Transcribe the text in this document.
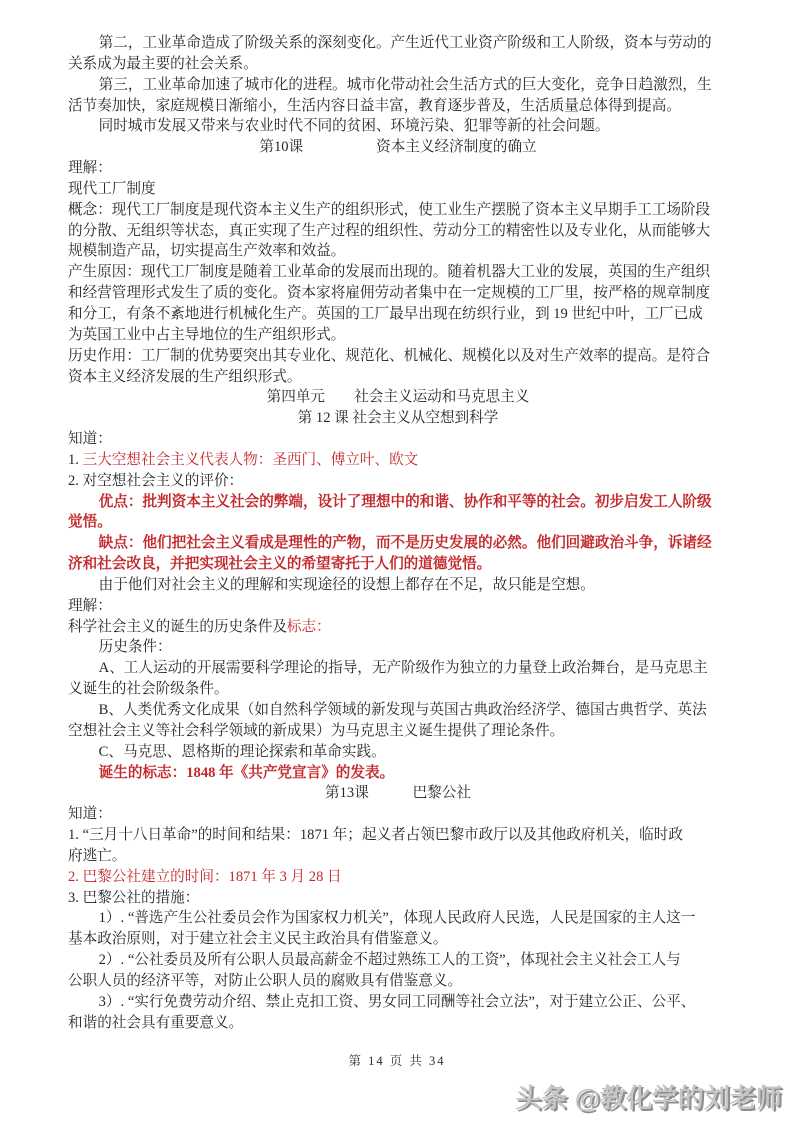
第二，工业革命造成了阶级关系的深刻变化。产生近代工业资产阶级和工人阶级，资本与劳动的
关系成为最主要的社会关系。
第三，工业革命加速了城市化的进程。城市化带动社会生活方式的巨大变化，竞争日趋激烈，生
活节奏加快，家庭规模日渐缩小，生活内容日益丰富，教育逐步普及，生活质量总体得到提高。
同时城市发展又带来与农业时代不同的贫困、环境污染、犯罪等新的社会问题。
第10课　　　　　资本主义经济制度的确立
理解：
现代工厂制度
概念：现代工厂制度是现代资本主义生产的组织形式，使工业生产摆脱了资本主义早期手工工场阶段
的分散、无组织等状态，真正实现了生产过程的组织性、劳动分工的精密性以及专业化，从而能够大
规模制造产品，切实提高生产效率和效益。
产生原因：现代工厂制度是随着工业革命的发展而出现的。随着机器大工业的发展，英国的生产组织
和经营管理形式发生了质的变化。资本家将雇佣劳动者集中在一定规模的工厂里，按严格的规章制度
和分工，有条不紊地进行机械化生产。英国的工厂最早出现在纺织行业，到 19 世纪中叶，工厂已成
为英国工业中占主导地位的生产组织形式。
历史作用：工厂制的优势要突出其专业化、规范化、机械化、规模化以及对生产效率的提高。是符合
资本主义经济发展的生产组织形式。
第四单元　　社会主义运动和马克思主义
第 12 课 社会主义从空想到科学
知道：
1. 三大空想社会主义代表人物：圣西门、傅立叶、欧文
2. 对空想社会主义的评价：
优点：批判资本主义社会的弊端，设计了理想中的和谐、协作和平等的社会。初步启发工人阶级
觉悟。
缺点：他们把社会主义看成是理性的产物，而不是历史发展的必然。他们回避政治斗争，诉诸经
济和社会改良，并把实现社会主义的希望寄托于人们的道德觉悟。
由于他们对社会主义的理解和实现途径的设想上都存在不足，故只能是空想。
理解：
科学社会主义的诞生的历史条件及标志：
历史条件：
A、工人运动的开展需要科学理论的指导，无产阶级作为独立的力量登上政治舞台，是马克思主
义诞生的社会阶级条件。
B、人类优秀文化成果（如自然科学领域的新发现与英国古典政治经济学、德国古典哲学、英法
空想社会主义等社会科学领域的新成果）为马克思主义诞生提供了理论条件。
C、马克思、恩格斯的理论探索和革命实践。
诞生的标志：1848 年《共产党宣言》的发表。
第13课　　　巴黎公社
知道：
1. “三月十八日革命”的时间和结果：1871 年；起义者占领巴黎市政厅以及其他政府机关，临时政
府逃亡。
2. 巴黎公社建立的时间：1871 年 3 月 28 日
3. 巴黎公社的措施：
1）. “普选产生公社委员会作为国家权力机关”，体现人民政府人民选，人民是国家的主人这一
基本政治原则，对于建立社会主义民主政治具有借鉴意义。
2）. “公社委员及所有公职人员最高薪金不超过熟练工人的工资”，体现社会主义社会工人与
公职人员的经济平等，对防止公职人员的腐败具有借鉴意义。
3）. “实行免费劳动介绍、禁止克扣工资、男女同工同酬等社会立法”，对于建立公正、公平、
和谐的社会具有重要意义。
第 14 页 共 34
头条 @教化学的刘老师
